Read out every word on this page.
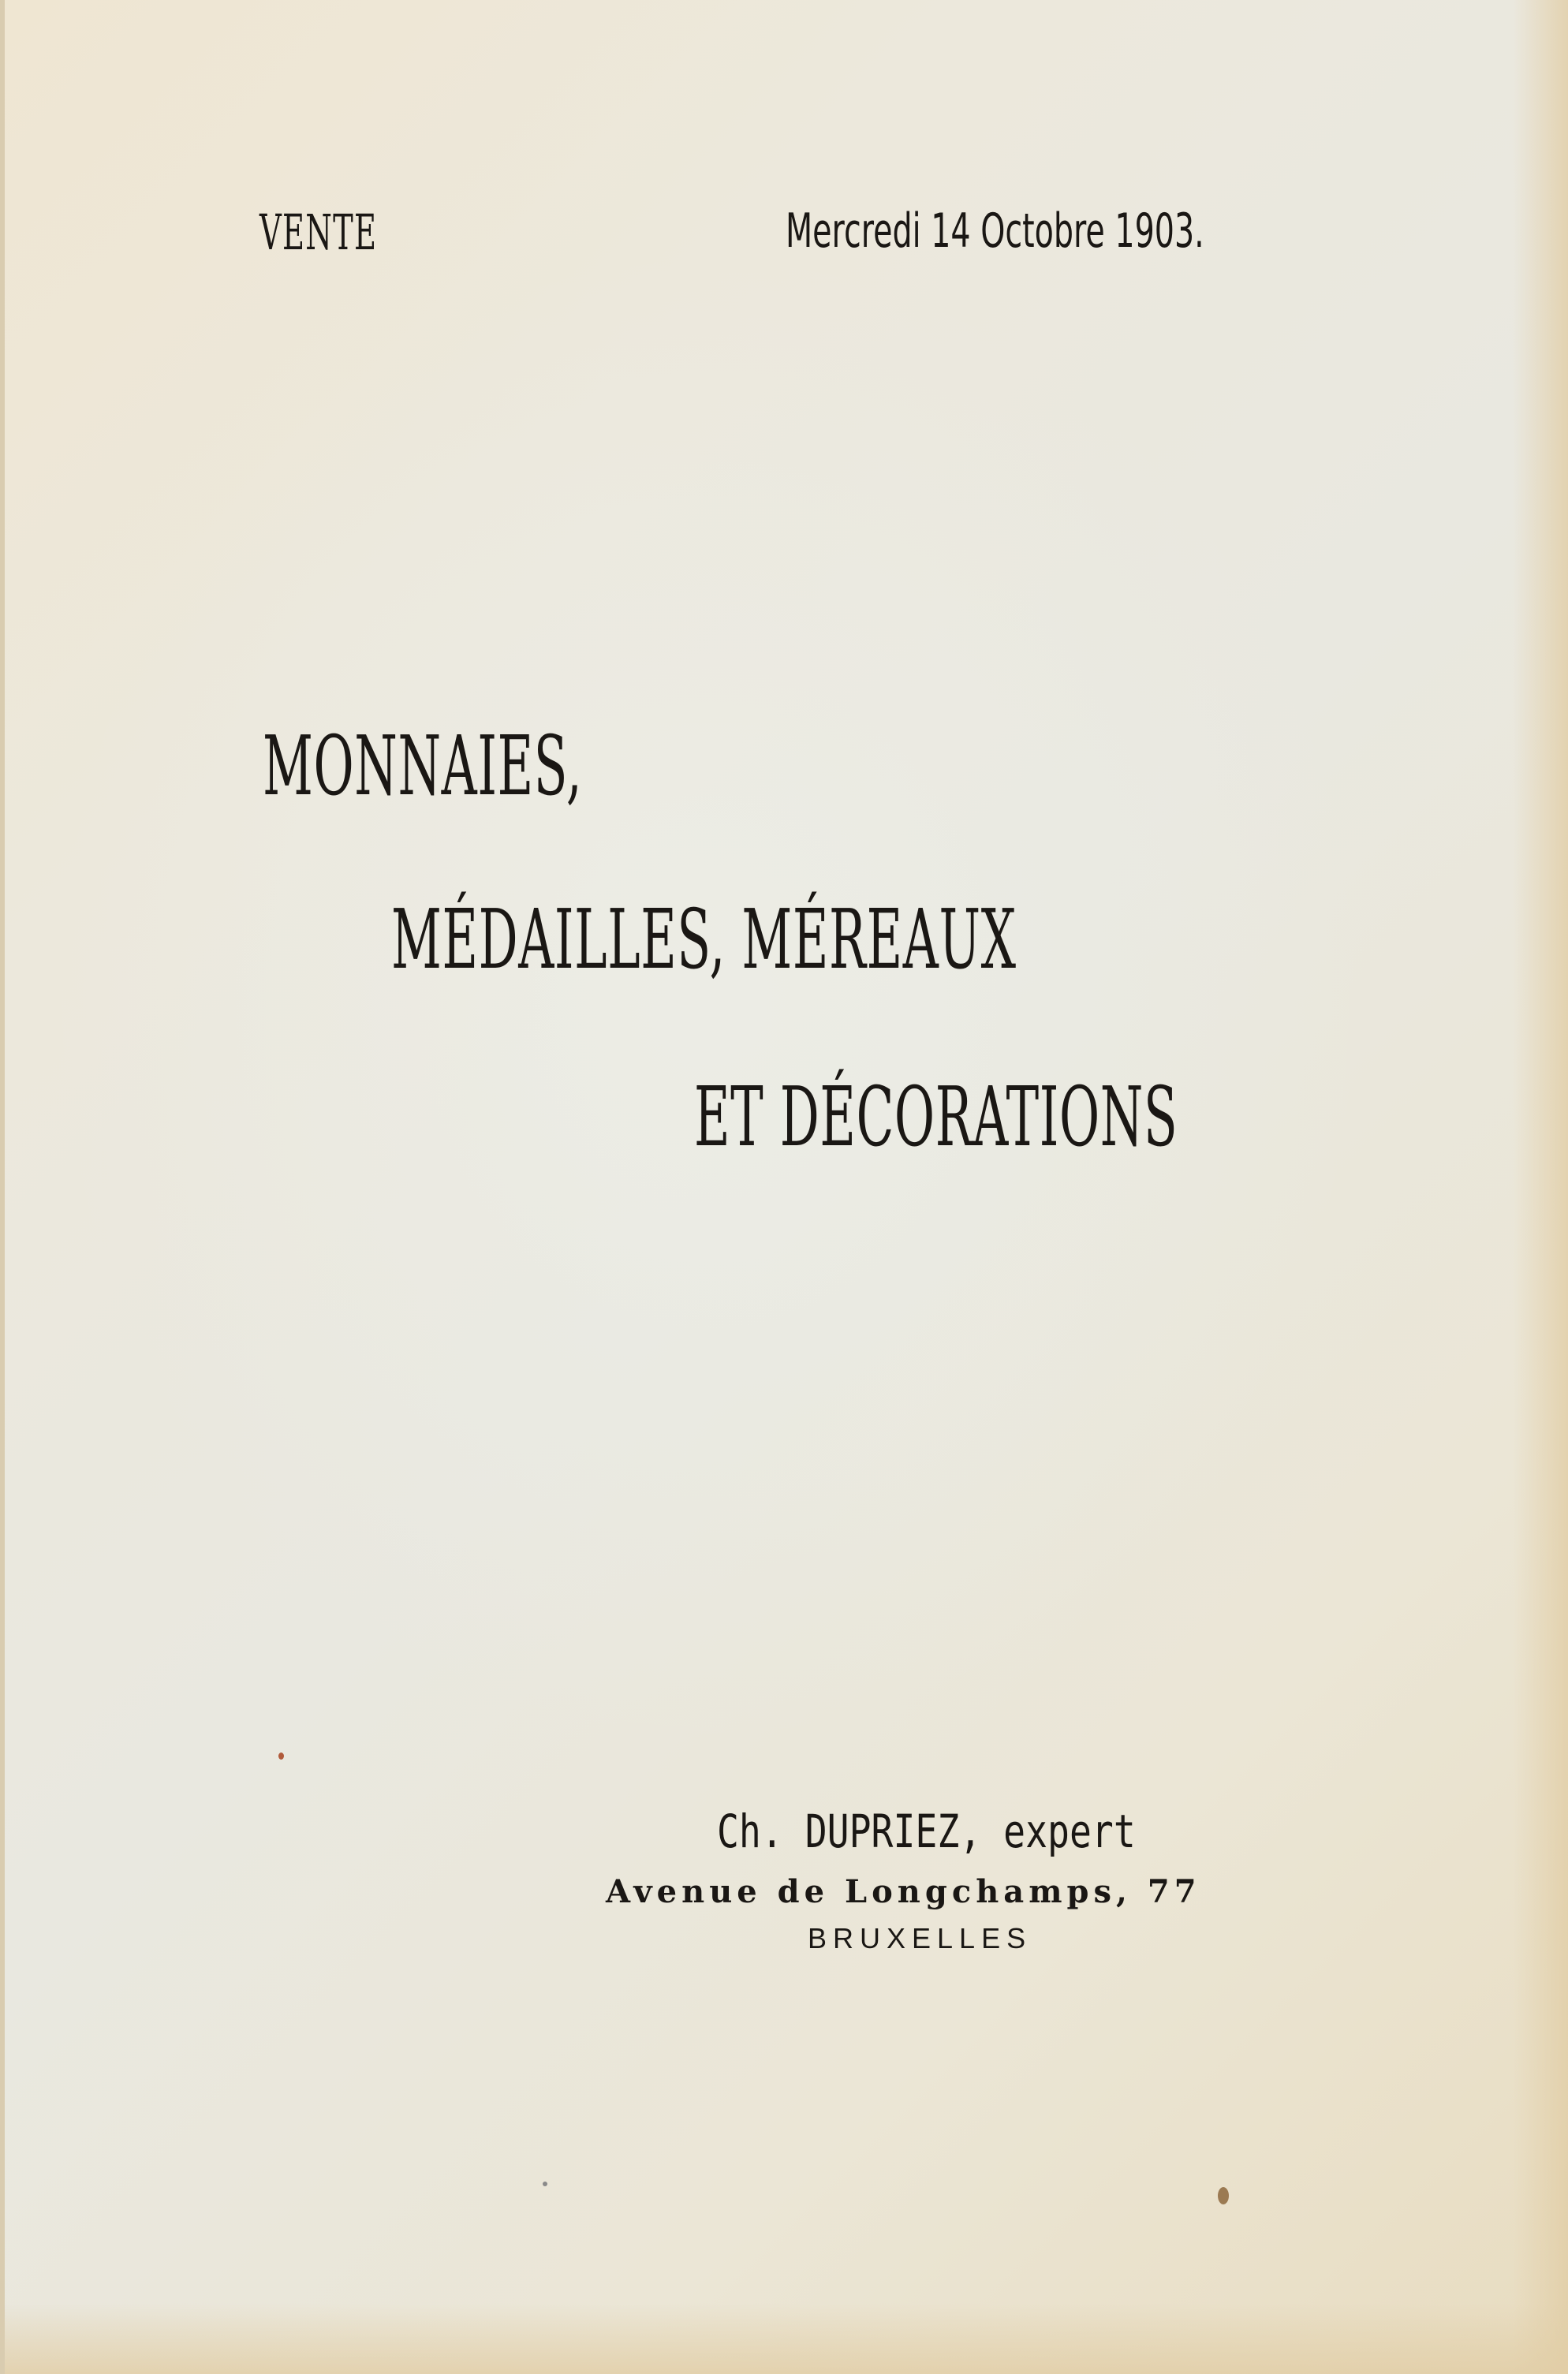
VENTE	Mercredi 14 Octobre 1903.
MONNAIES,
MÉDAILLES, MÉREAUX
ET DÉCORATIONS
Ch. DUPRIEZ, expert
Avenue de Longchamps, 77
BRUXELLES
